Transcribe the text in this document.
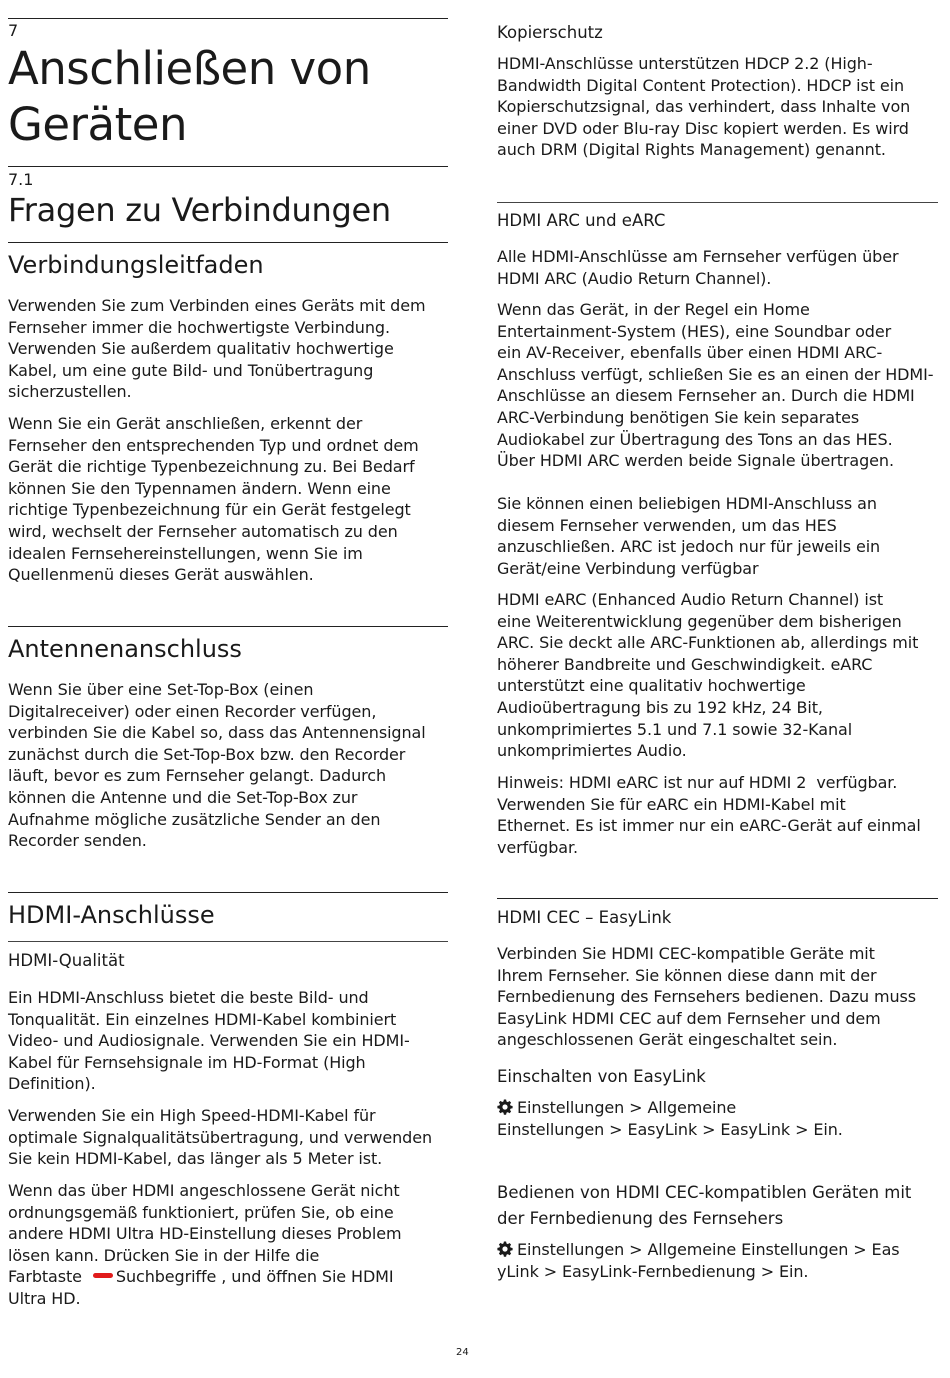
7
Anschließen von
Geräten
7.1
Fragen zu Verbindungen
Verbindungsleitfaden

Verwenden Sie zum Verbinden eines Geräts mit dem

Fernseher immer die hochwertigste Verbindung.

Verwenden Sie außerdem qualitativ hochwertige

Kabel, um eine gute Bild- und Tonübertragung

sicherzustellen.

Wenn Sie ein Gerät anschließen, erkennt der

Fernseher den entsprechenden Typ und ordnet dem

Gerät die richtige Typenbezeichnung zu. Bei Bedarf

können Sie den Typennamen ändern. Wenn eine

richtige Typenbezeichnung für ein Gerät festgelegt

wird, wechselt der Fernseher automatisch zu den

idealen Fernsehereinstellungen, wenn Sie im

Quellenmenü dieses Gerät auswählen.

Antennenanschluss

Wenn Sie über eine Set-Top-Box (einen

Digitalreceiver) oder einen Recorder verfügen,

verbinden Sie die Kabel so, dass das Antennensignal

zunächst durch die Set-Top-Box bzw. den Recorder

läuft, bevor es zum Fernseher gelangt. Dadurch

können die Antenne und die Set-Top-Box zur

Aufnahme mögliche zusätzliche Sender an den

Recorder senden.

HDMI-Anschlüsse
HDMI-Qualität

Ein HDMI-Anschluss bietet die beste Bild- und

Tonqualität. Ein einzelnes HDMI-Kabel kombiniert

Video- und Audiosignale. Verwenden Sie ein HDMI-

Kabel für Fernsehsignale im HD-Format (High

Definition).

Verwenden Sie ein High Speed-HDMI-Kabel für

optimale Signalqualitätsübertragung, und verwenden

Sie kein HDMI-Kabel, das länger als 5 Meter ist.

Wenn das über HDMI angeschlossene Gerät nicht

ordnungsgemäß funktioniert, prüfen Sie, ob eine

andere HDMI Ultra HD-Einstellung dieses Problem

lösen kann. Drücken Sie in der Hilfe die

Farbtaste Suchbegriffe , und öffnen Sie HDMI

Ultra HD.

Kopierschutz

HDMI-Anschlüsse unterstützen HDCP 2.2 (High-

Bandwidth Digital Content Protection). HDCP ist ein

Kopierschutzsignal, das verhindert, dass Inhalte von

einer DVD oder Blu-ray Disc kopiert werden. Es wird

auch DRM (Digital Rights Management) genannt.

HDMI ARC und eARC

Alle HDMI-Anschlüsse am Fernseher verfügen über

HDMI ARC (Audio Return Channel).

Wenn das Gerät, in der Regel ein Home

Entertainment-System (HES), eine Soundbar oder

ein AV-Receiver, ebenfalls über einen HDMI ARC-

Anschluss verfügt, schließen Sie es an einen der HDMI-

Anschlüsse an diesem Fernseher an. Durch die HDMI

ARC-Verbindung benötigen Sie kein separates

Audiokabel zur Übertragung des Tons an das HES.

Über HDMI ARC werden beide Signale übertragen.

Sie können einen beliebigen HDMI-Anschluss an

diesem Fernseher verwenden, um das HES

anzuschließen. ARC ist jedoch nur für jeweils ein

Gerät/eine Verbindung verfügbar

HDMI eARC (Enhanced Audio Return Channel) ist

eine Weiterentwicklung gegenüber dem bisherigen

ARC. Sie deckt alle ARC-Funktionen ab, allerdings mit

höherer Bandbreite und Geschwindigkeit. eARC

unterstützt eine qualitativ hochwertige

Audioübertragung bis zu 192 kHz, 24 Bit,

unkomprimiertes 5.1 und 7.1 sowie 32-Kanal

unkomprimiertes Audio.

Hinweis: HDMI eARC ist nur auf HDMI 2  verfügbar.

Verwenden Sie für eARC ein HDMI-Kabel mit

Ethernet. Es ist immer nur ein eARC-Gerät auf einmal

verfügbar.

HDMI CEC – EasyLink

Verbinden Sie HDMI CEC-kompatible Geräte mit

Ihrem Fernseher. Sie können diese dann mit der

Fernbedienung des Fernsehers bedienen. Dazu muss

EasyLink HDMI CEC auf dem Fernseher und dem

angeschlossenen Gerät eingeschaltet sein.

Einschalten von EasyLink

Einstellungen > Allgemeine

Einstellungen > EasyLink > EasyLink > Ein.

Bedienen von HDMI CEC-kompatiblen Geräten mit
der Fernbedienung des Fernsehers

Einstellungen > Allgemeine Einstellungen > Eas

yLink > EasyLink-Fernbedienung > Ein.

24
